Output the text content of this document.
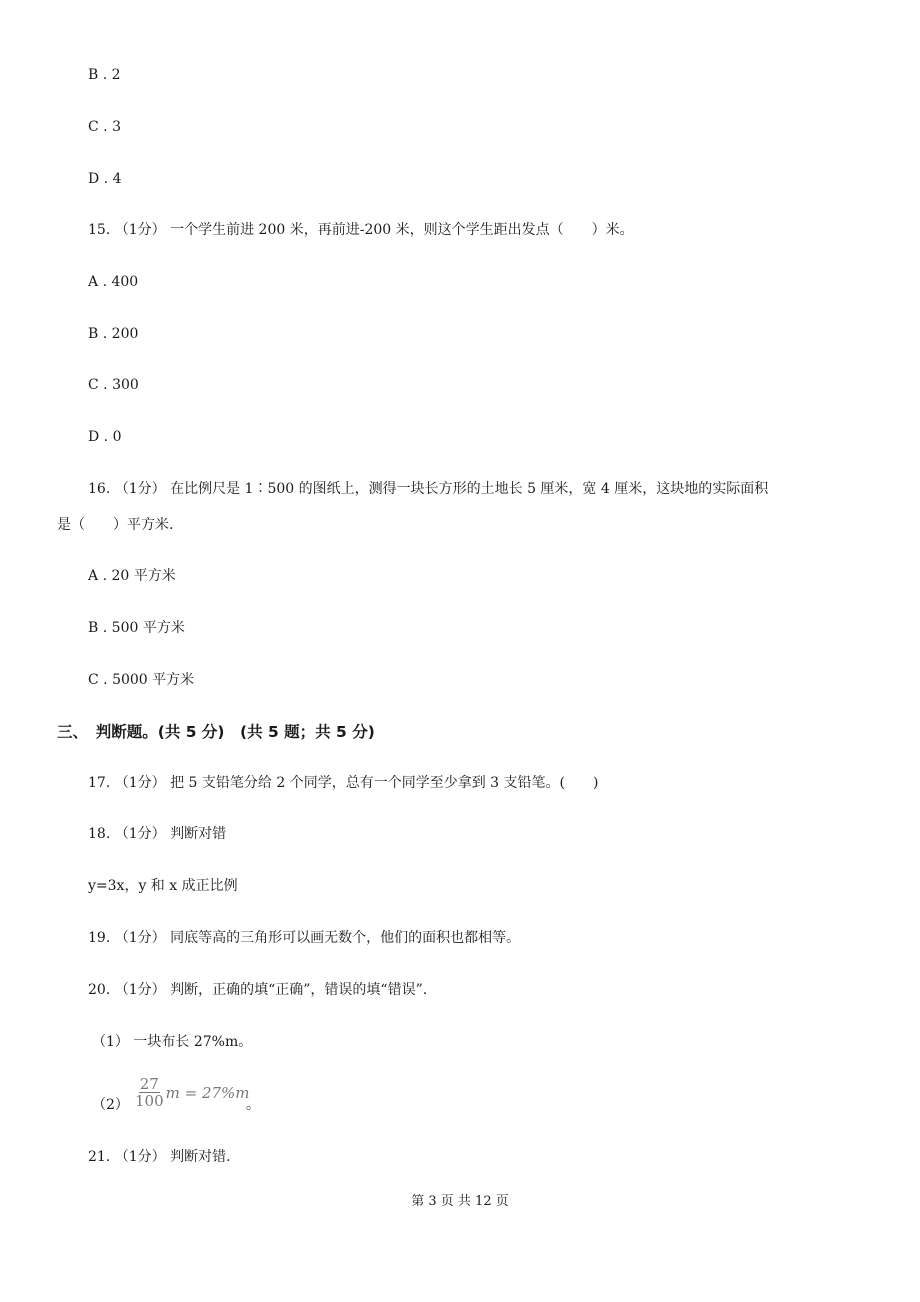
B . 2
C . 3
D . 4
15. （1分） 一个学生前进 200 米，再前进-200 米，则这个学生距出发点（　　）米。
A . 400
B . 200
C . 300
D . 0
16. （1分） 在比例尺是 1∶500 的图纸上，测得一块长方形的土地长 5 厘米，宽 4 厘米，这块地的实际面积
是（　　）平方米.
A . 20 平方米
B . 500 平方米
C . 5000 平方米
三、　判断题。(共 5 分)　(共 5 题；共 5 分)
17. （1分） 把 5 支铅笔分给 2 个同学，总有一个同学至少拿到 3 支铅笔。(　　)
18. （1分） 判断对错
y=3x，y 和 x 成正比例
19. （1分） 同底等高的三角形可以画无数个，他们的面积也都相等。
20. （1分） 判断，正确的填“正确”，错误的填“错误”.
（1） 一块布长 27%m。
$(2) \frac{27}{100}$ m = 27%m
。
21. （1分） 判断对错.
第 3 页 共 12 页
